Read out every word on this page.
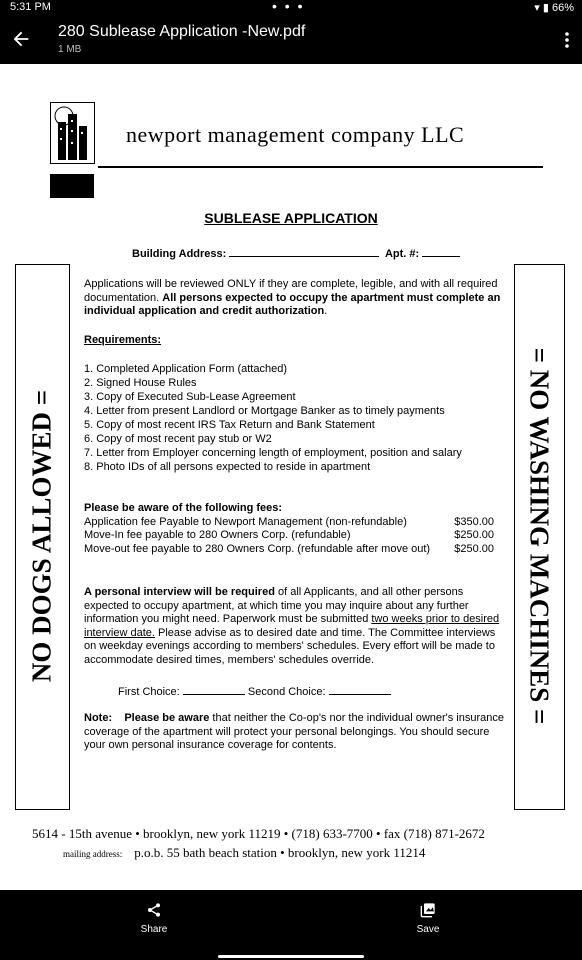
5:31 PM	• • •	▾ ▮ 66%
280 Sublease Application -New.pdf
1 MB
newport management company LLC
SUBLEASE APPLICATION
Building Address:	Apt. #:
NO DOGS ALLOWED =	= NO WASHING MACHINES =
Applications will be reviewed ONLY if they are complete, legible, and with all required documentation. All persons expected to occupy the apartment must complete an individual application and credit authorization.
Requirements:
1. Completed Application Form (attached)
2. Signed House Rules
3. Copy of Executed Sub-Lease Agreement
4. Letter from present Landlord or Mortgage Banker as to timely payments
5. Copy of most recent IRS Tax Return and Bank Statement
6. Copy of most recent pay stub or W2
7. Letter from Employer concerning length of employment, position and salary
8. Photo IDs of all persons expected to reside in apartment
Please be aware of the following fees:
Application fee Payable to Newport Management (non-refundable)	$350.00
Move-In fee payable to 280 Owners Corp. (refundable)	$250.00
Move-out fee payable to 280 Owners Corp. (refundable after move out) $250.00
A personal interview will be required of all Applicants, and all other persons expected to occupy apartment, at which time you may inquire about any further information you might need. Paperwork must be submitted two weeks prior to desired interview date. Please advise as to desired date and time. The Committee interviews on weekday evenings according to members' schedules. Every effort will be made to accommodate desired times, members' schedules override.
First Choice:	Second Choice:
Note: Please be aware that neither the Co-op's nor the individual owner's insurance coverage of the apartment will protect your personal belongings. You should secure your own personal insurance coverage for contents.
5614 - 15th avenue • brooklyn, new york 11219 • (718) 633-7700 • fax (718) 871-2672
mailing address: p.o.b. 55 bath beach station • brooklyn, new york 11214
Share	Save
